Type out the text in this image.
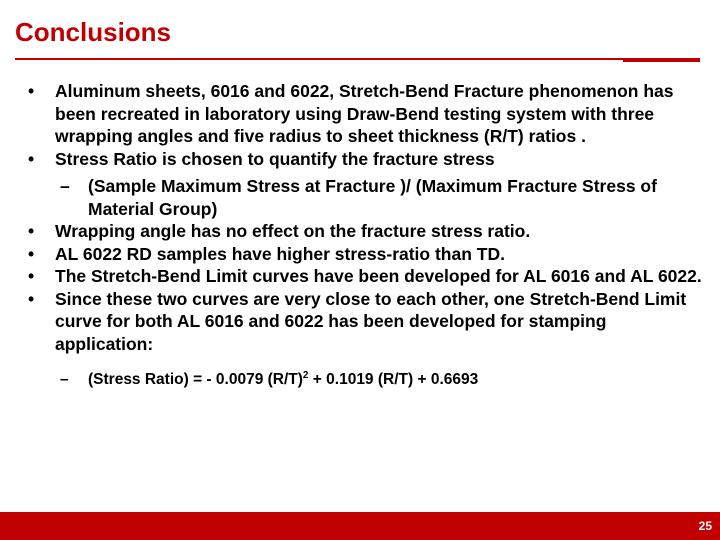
Conclusions
• Aluminum sheets, 6016 and 6022, Stretch-Bend Fracture phenomenon has been recreated in laboratory using Draw-Bend testing system with three wrapping angles and five radius to sheet thickness (R/T) ratios .
• Stress Ratio is chosen to quantify the fracture stress
– (Sample Maximum Stress at Fracture )/ (Maximum Fracture Stress of Material Group)
• Wrapping angle has no effect on the fracture stress ratio.
• AL 6022 RD samples have higher stress-ratio than TD.
• The Stretch-Bend Limit curves have been developed for AL 6016 and AL 6022.
• Since these two curves are very close to each other, one Stretch-Bend Limit curve for both AL 6016 and 6022 has been developed for stamping application:
– (Stress Ratio) = - 0.0079 $(R/T)^2 + 0.1019$ (R/T) + 0.6693
25
